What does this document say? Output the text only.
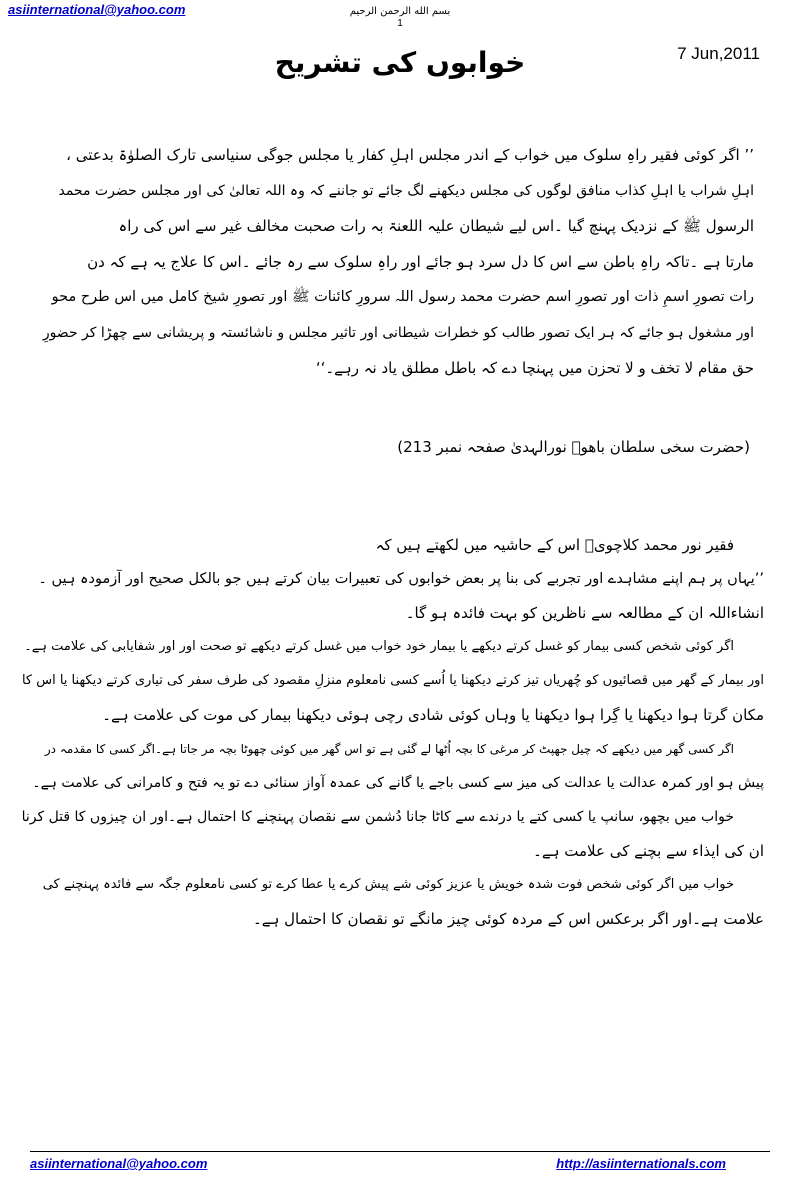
asiinternational@yahoo.com	بسم الله الرحمن الرحیم
1
7 Jun,2011
خوابوں کی تشریح

’’ اگر کوئی فقیر راہِ سلوک میں خواب کے اندر مجلس اہلِ کفار یا مجلس جوگی سنیاسی تارک الصلوٰۃ بدعتی ،

اہلِ شراب یا اہلِ کذاب منافق لوگوں کی مجلس دیکھنے لگ جائے تو جاننے کہ وہ اللہ تعالیٰ کی اور مجلس حضرت محمد

الرسول ﷺ کے نزدیک پہنچ گیا ۔اس لیے شیطان علیہ اللعنۃ بہ رات صحبت مخالف غیر سے اس کی راہ

مارتا ہے ۔تاکہ راہِ باطن سے اس کا دل سرد ہو جائے اور راہِ سلوک سے رہ جائے ۔اس کا علاج یہ ہے کہ دن

رات تصورِ اسمِ ذات اور تصورِ اسم حضرت محمد رسول اللہ سرورِ کائنات ﷺ اور تصورِ شیخ کامل میں اس طرح محو

اور مشغول ہو جائے کہ ہر ایک تصور طالب کو خطرات شیطانی اور تاثیر مجلس و ناشائستہ و پریشانی سے چھڑا کر حضورِ

حق مقام لا تخف و لا تحزن میں پہنچا دے کہ باطل مطلق یاد نہ رہے۔‘‘

(حضرت سخی سلطان باھوؒ نورالہدیٰ صفحہ نمبر 213)

فقیر نور محمد کلاچویؒ اس کے حاشیہ میں لکھتے ہیں کہ

’’یہاں پر ہم اپنے مشاہدے اور تجربے کی بنا پر بعض خوابوں کی تعبیرات بیان کرتے ہیں جو بالکل صحیح اور آزمودہ ہیں ۔

انشاءاللہ ان کے مطالعہ سے ناظرین کو بہت فائدہ ہو گا۔

اگر کوئی شخص کسی بیمار کو غسل کرتے دیکھے یا بیمار خود خواب میں غسل کرتے دیکھے تو صحت اور اور شفایابی کی علامت ہے۔

اور بیمار کے گھر میں قصائیوں کو چُھریاں تیز کرتے دیکھنا یا اُسے کسی نامعلوم منزلِ مقصود کی طرف سفر کی تیاری کرتے دیکھنا یا اس کا

مکان گرتا ہوا دیکھنا یا گِرا ہوا دیکھنا یا وہاں کوئی شادی رچی ہوئی دیکھنا بیمار کی موت کی علامت ہے۔

اگر کسی گھر میں دیکھے کہ چیل جھپٹ کر مرغی کا بچہ اُٹھا لے گئی ہے تو اس گھر میں کوئی چھوٹا بچہ مر جاتا ہے۔اگر کسی کا مقدمہ در

پیش ہو اور کمرہ عدالت یا عدالت کی میز سے کسی باجے یا گانے کی عمدہ آواز سنائی دے تو یہ فتح و کامرانی کی علامت ہے۔

خواب میں بچھو، سانپ یا کسی کتے یا درندے سے کاٹا جانا دُشمن سے نقصان پہنچنے کا احتمال ہے۔اور ان چیزوں کا قتل کرنا

ان کی ایذاء سے بچنے کی علامت ہے۔

خواب میں اگر کوئی شخص فوت شدہ خویش یا عزیز کوئی شے پیش کرے یا عطا کرے تو کسی نامعلوم جگہ سے فائدہ پہنچنے کی

علامت ہے۔اور اگر برعکس اس کے مردہ کوئی چیز مانگے تو نقصان کا احتمال ہے۔

asiinternational@yahoo.com	http://asiinternationals.com
